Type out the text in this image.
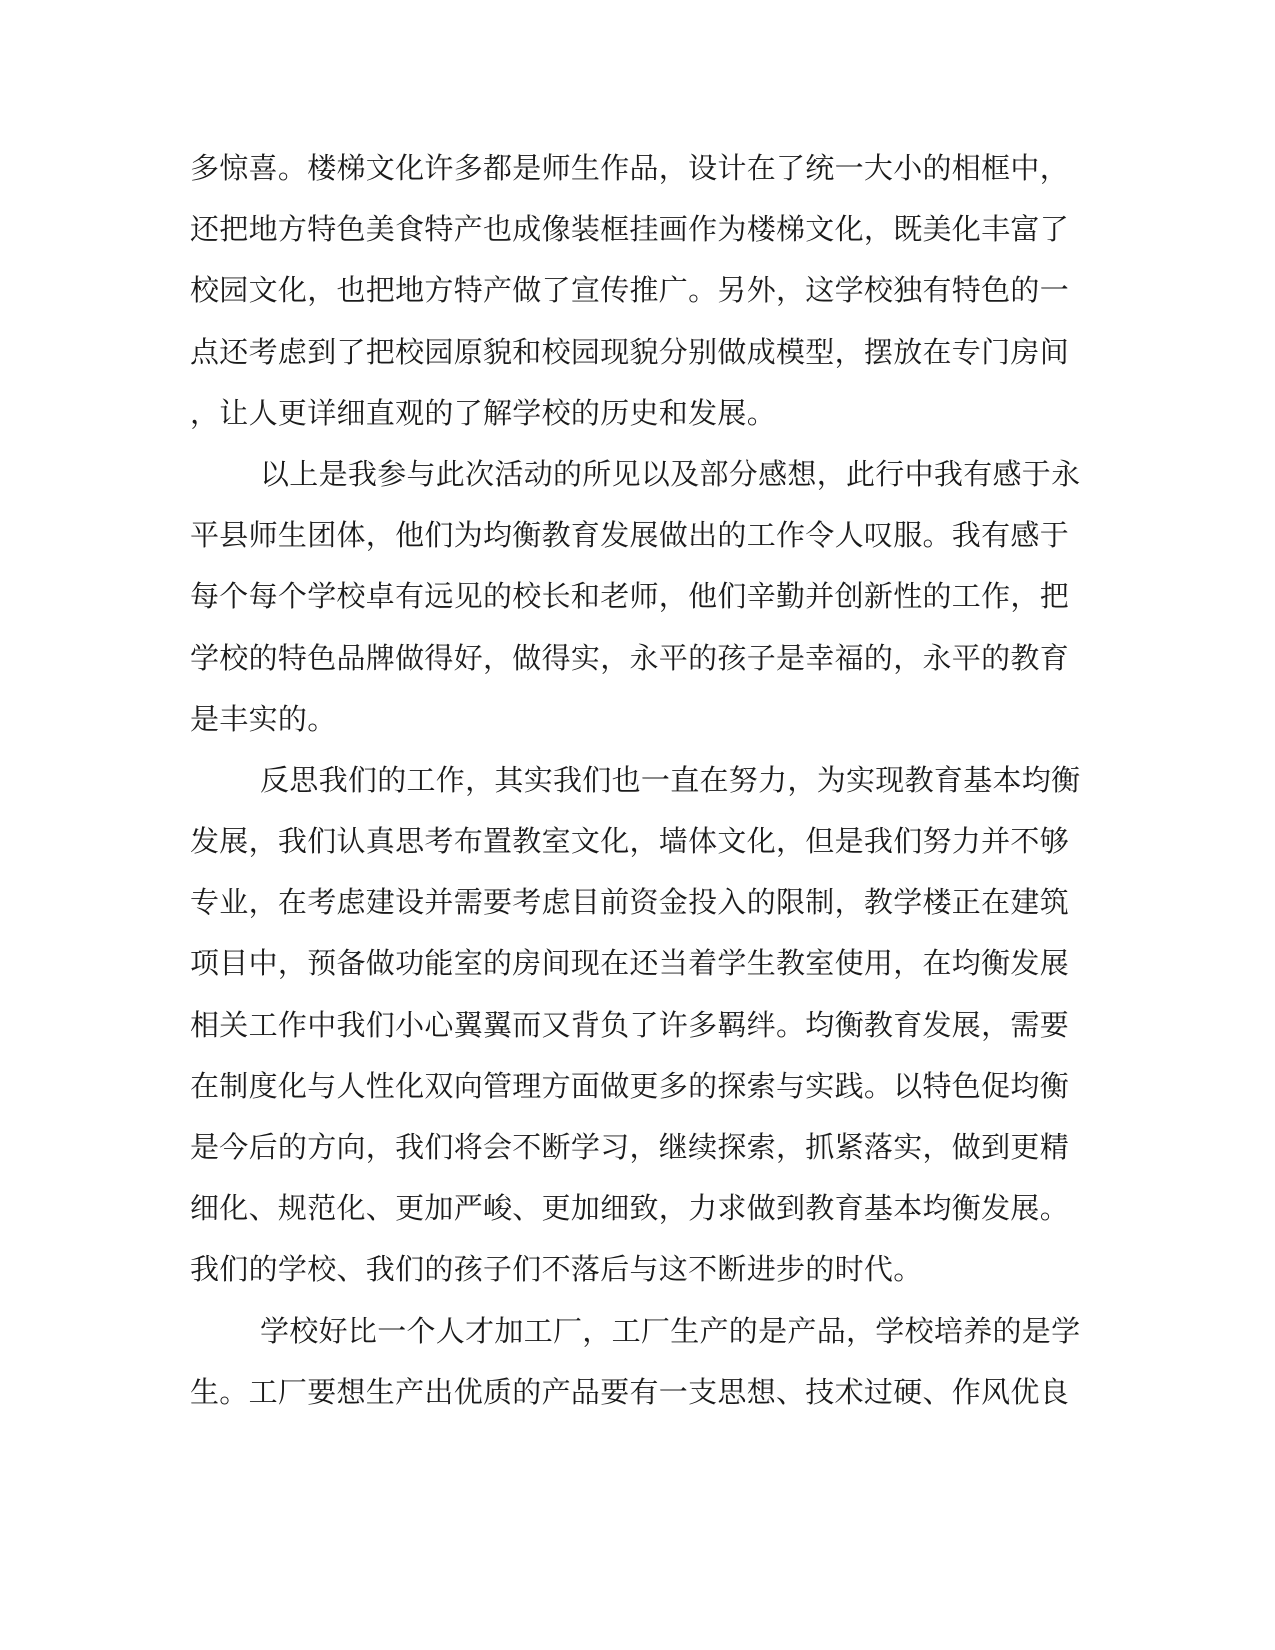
多惊喜。楼梯文化许多都是师生作品，设计在了统一大小的相框中，
还把地方特色美食特产也成像装框挂画作为楼梯文化，既美化丰富了
校园文化，也把地方特产做了宣传推广。另外，这学校独有特色的一
点还考虑到了把校园原貌和校园现貌分别做成模型，摆放在专门房间
，让人更详细直观的了解学校的历史和发展。
以上是我参与此次活动的所见以及部分感想，此行中我有感于永
平县师生团体，他们为均衡教育发展做出的工作令人叹服。我有感于
每个每个学校卓有远见的校长和老师，他们辛勤并创新性的工作，把
学校的特色品牌做得好，做得实，永平的孩子是幸福的，永平的教育
是丰实的。
反思我们的工作，其实我们也一直在努力，为实现教育基本均衡
发展，我们认真思考布置教室文化，墙体文化，但是我们努力并不够
专业，在考虑建设并需要考虑目前资金投入的限制，教学楼正在建筑
项目中，预备做功能室的房间现在还当着学生教室使用，在均衡发展
相关工作中我们小心翼翼而又背负了许多羁绊。均衡教育发展，需要
在制度化与人性化双向管理方面做更多的探索与实践。以特色促均衡
是今后的方向，我们将会不断学习，继续探索，抓紧落实，做到更精
细化、规范化、更加严峻、更加细致，力求做到教育基本均衡发展。
我们的学校、我们的孩子们不落后与这不断进步的时代。
学校好比一个人才加工厂，工厂生产的是产品，学校培养的是学
生。工厂要想生产出优质的产品要有一支思想、技术过硬、作风优良
